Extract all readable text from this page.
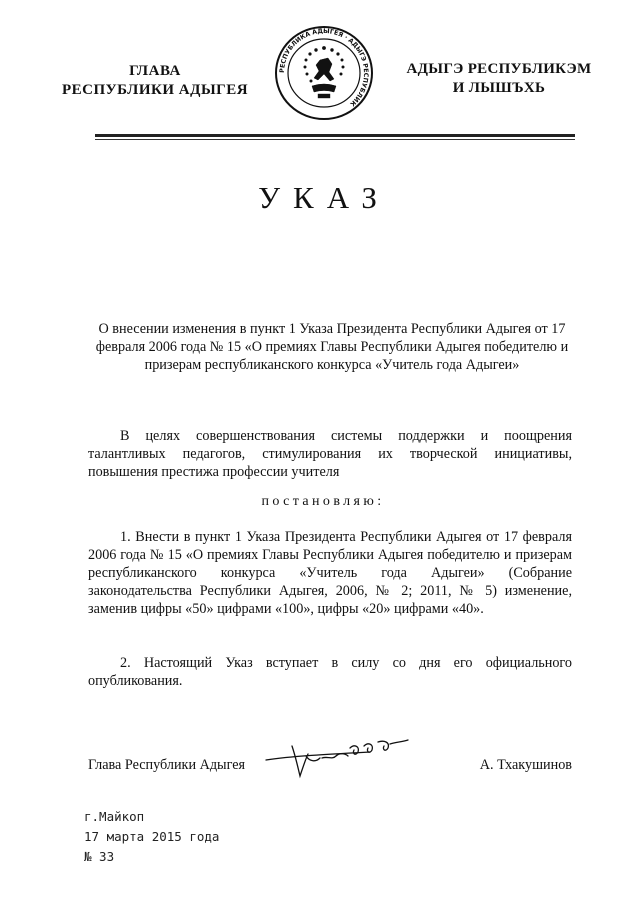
ГЛАВА
РЕСПУБЛИКИ АДЫГЕЯ
РЕСПУБЛИКА АДЫГЕЯ · АДЫГЭ РЕСПУБЛИК
АДЫГЭ РЕСПУБЛИКЭМ
И ЛЫШЪХЬ
УКАЗ
О внесении изменения в пункт 1 Указа Президента Республики Адыгея от 17 февраля 2006 года № 15 «О премиях Главы Республики Адыгея победителю и призерам республиканского конкурса «Учитель года Адыгеи»
В целях совершенствования системы поддержки и поощрения талантливых педагогов, стимулирования их творческой инициативы, повышения престижа профессии учителя
постановляю:
1. Внести в пункт 1 Указа Президента Республики Адыгея от 17 февраля 2006 года № 15 «О премиях Главы Республики Адыгея победителю и призерам республиканского конкурса «Учитель года Адыгеи» (Собрание законодательства Республики Адыгея, 2006, № 2; 2011, № 5) изменение, заменив цифры «50» цифрами «100», цифры «20» цифрами «40».
2. Настоящий Указ вступает в силу со дня его официального опубликования.
Глава Республики Адыгея	А. Тхакушинов
г.Майкоп
17 марта 2015 года
№ 33
